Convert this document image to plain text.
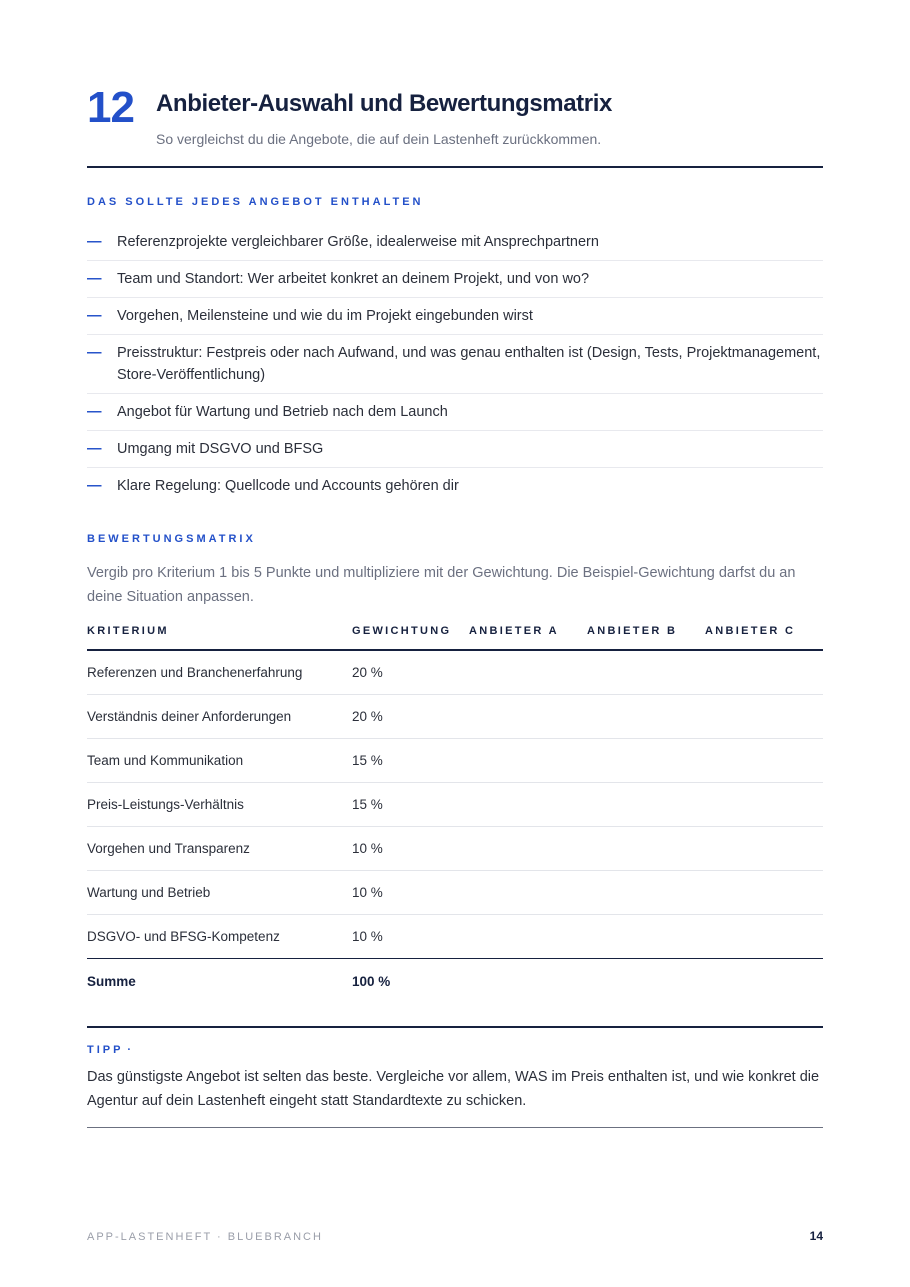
12 Anbieter-Auswahl und Bewertungsmatrix
So vergleichst du die Angebote, die auf dein Lastenheft zurückkommen.
DAS SOLLTE JEDES ANGEBOT ENTHALTEN
— Referenzprojekte vergleichbarer Größe, idealerweise mit Ansprechpartnern
— Team und Standort: Wer arbeitet konkret an deinem Projekt, und von wo?
— Vorgehen, Meilensteine und wie du im Projekt eingebunden wirst
— Preisstruktur: Festpreis oder nach Aufwand, und was genau enthalten ist (Design, Tests, Projektmanagement, Store-Veröffentlichung)
— Angebot für Wartung und Betrieb nach dem Launch
— Umgang mit DSGVO und BFSG
— Klare Regelung: Quellcode und Accounts gehören dir
BEWERTUNGSMATRIX
Vergib pro Kriterium 1 bis 5 Punkte und multipliziere mit der Gewichtung. Die Beispiel-Gewichtung darfst du an deine Situation anpassen.
KRITERIUM	GEWICHTUNG	ANBIETER A	ANBIETER B	ANBIETER C
Referenzen und Branchenerfahrung	20 %			
Verständnis deiner Anforderungen	20 %			
Team und Kommunikation	15 %			
Preis-Leistungs-Verhältnis	15 %			
Vorgehen und Transparenz	10 %			
Wartung und Betrieb	10 %			
DSGVO- und BFSG-Kompetenz	10 %			
Summe	100 %			
TIPP ·
Das günstigste Angebot ist selten das beste. Vergleiche vor allem, WAS im Preis enthalten ist, und wie konkret die Agentur auf dein Lastenheft eingeht statt Standardtexte zu schicken.
APP-LASTENHEFT · BLUEBRANCH	14
